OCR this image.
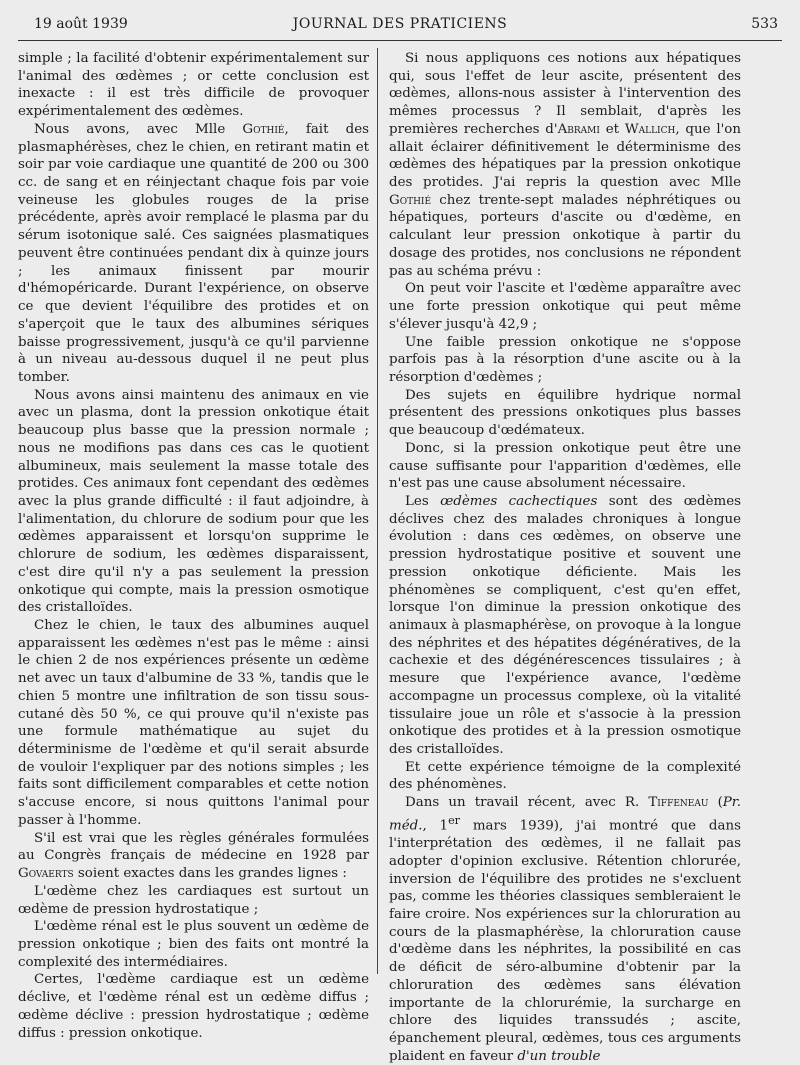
19 août 1939	JOURNAL DES PRATICIENS	533

simple ; la facilité d'obtenir expérimentalement sur l'animal des œdèmes ; or cette conclusion est inexacte : il est très difficile de provoquer expérimentalement des œdèmes.

Nous avons, avec Mlle Gothié, fait des plasmaphérèses, chez le chien, en retirant matin et soir par voie cardiaque une quantité de 200 ou 300 cc. de sang et en réinjectant chaque fois par voie veineuse les globules rouges de la prise précédente, après avoir remplacé le plasma par du sérum isotonique salé. Ces saignées plasmatiques peuvent être continuées pendant dix à quinze jours ; les animaux finissent par mourir d'hémopéricarde. Durant l'expérience, on observe ce que devient l'équilibre des protides et on s'aperçoit que le taux des albumines sériques baisse progressivement, jusqu'à ce qu'il parvienne à un niveau au-dessous duquel il ne peut plus tomber.

Nous avons ainsi maintenu des animaux en vie avec un plasma, dont la pression onkotique était beaucoup plus basse que la pression normale ; nous ne modifions pas dans ces cas le quotient albumineux, mais seulement la masse totale des protides. Ces animaux font cependant des œdèmes avec la plus grande difficulté : il faut adjoindre, à l'alimentation, du chlorure de sodium pour que les œdèmes apparaissent et lorsqu'on supprime le chlorure de sodium, les œdèmes disparaissent, c'est dire qu'il n'y a pas seulement la pression onkotique qui compte, mais la pression osmotique des cristalloïdes.

Chez le chien, le taux des albumines auquel apparaissent les œdèmes n'est pas le même : ainsi le chien 2 de nos expériences présente un œdème net avec un taux d'albumine de 33 %, tandis que le chien 5 montre une infiltration de son tissu sous-cutané dès 50 %, ce qui prouve qu'il n'existe pas une formule mathématique au sujet du déterminisme de l'œdème et qu'il serait absurde de vouloir l'expliquer par des notions simples ; les faits sont difficilement comparables et cette notion s'accuse encore, si nous quittons l'animal pour passer à l'homme.

S'il est vrai que les règles générales formulées au Congrès français de médecine en 1928 par Govaerts soient exactes dans les grandes lignes :

L'œdème chez les cardiaques est surtout un œdème de pression hydrostatique ;

L'œdème rénal est le plus souvent un œdème de pression onkotique ; bien des faits ont montré la complexité des intermédiaires.

Certes, l'œdème cardiaque est un œdème déclive, et l'œdème rénal est un œdème diffus ; œdème déclive : pression hydrostatique ; œdème diffus : pression onkotique.

Si nous appliquons ces notions aux hépatiques qui, sous l'effet de leur ascite, présentent des œdèmes, allons-nous assister à l'intervention des mêmes processus ? Il semblait, d'après les premières recherches d'Abrami et Wallich, que l'on allait éclairer définitivement le déterminisme des œdèmes des hépatiques par la pression onkotique des protides. J'ai repris la question avec Mlle Gothié chez trente-sept malades néphrétiques ou hépatiques, porteurs d'ascite ou d'œdème, en calculant leur pression onkotique à partir du dosage des protides, nos conclusions ne répondent pas au schéma prévu :

On peut voir l'ascite et l'œdème apparaître avec une forte pression onkotique qui peut même s'élever jusqu'à 42,9 ;

Une faible pression onkotique ne s'oppose parfois pas à la résorption d'une ascite ou à la résorption d'œdèmes ;

Des sujets en équilibre hydrique normal présentent des pressions onkotiques plus basses que beaucoup d'œdémateux.

Donc, si la pression onkotique peut être une cause suffisante pour l'apparition d'œdèmes, elle n'est pas une cause absolument nécessaire.

Les œdèmes cachectiques sont des œdèmes déclives chez des malades chroniques à longue évolution : dans ces œdèmes, on observe une pression hydrostatique positive et souvent une pression onkotique déficiente. Mais les phénomènes se compliquent, c'est qu'en effet, lorsque l'on diminue la pression onkotique des animaux à plasmaphérèse, on provoque à la longue des néphrites et des hépatites dégénératives, de la cachexie et des dégénérescences tissulaires ; à mesure que l'expérience avance, l'œdème accompagne un processus complexe, où la vitalité tissulaire joue un rôle et s'associe à la pression onkotique des protides et à la pression osmotique des cristalloïdes.

Et cette expérience témoigne de la complexité des phénomènes.

Dans un travail récent, avec R. Tiffeneau (Pr. méd., 1er mars 1939), j'ai montré que dans l'interprétation des œdèmes, il ne fallait pas adopter d'opinion exclusive. Rétention chlorurée, inversion de l'équilibre des protides ne s'excluent pas, comme les théories classiques sembleraient le faire croire. Nos expériences sur la chloruration au cours de la plasmaphérèse, la chloruration cause d'œdème dans les néphrites, la possibilité en cas de déficit de séro-albumine d'obtenir par la chloruration des œdèmes sans élévation importante de la chlorurémie, la surcharge en chlore des liquides transsudés ; ascite, épanchement pleural, œdèmes, tous ces arguments plaident en faveur d'un trouble
